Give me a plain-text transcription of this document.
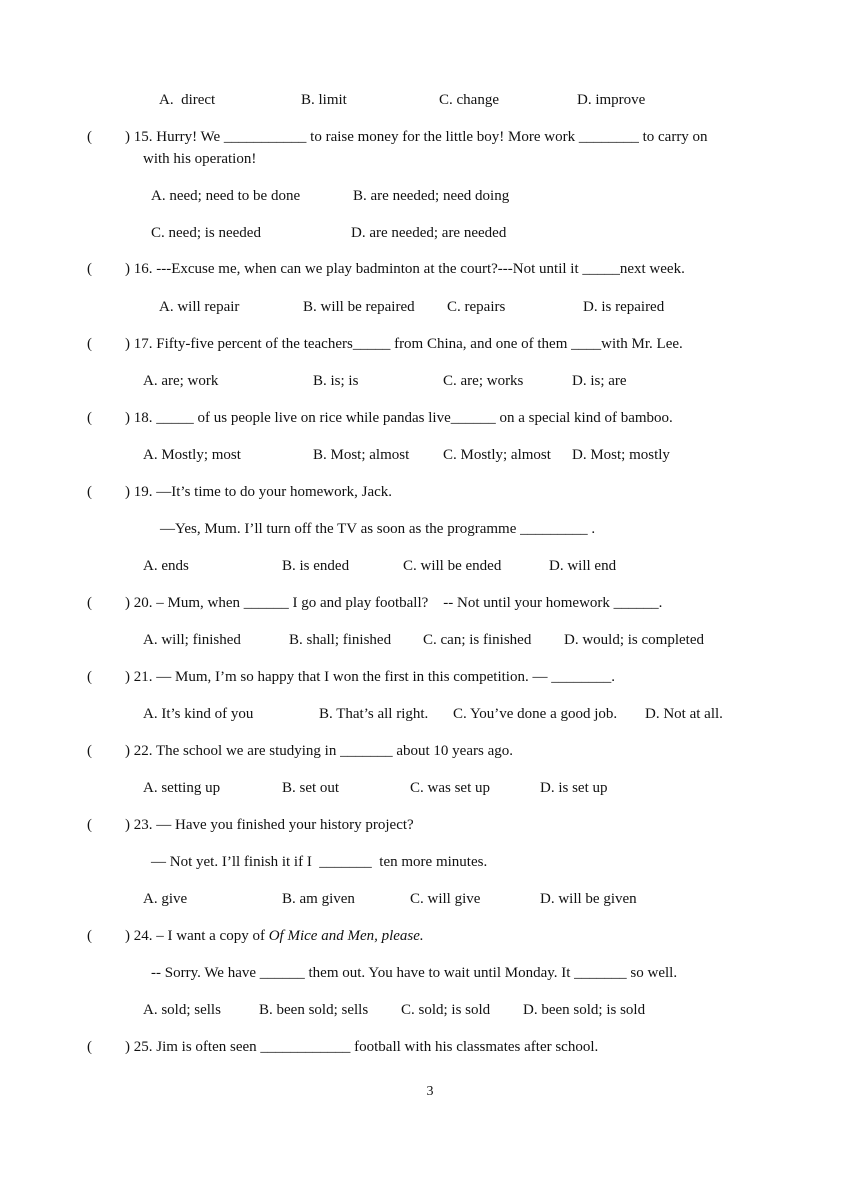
A.  direct	B. limit	C. change	D. improve
( ) 15. Hurry! We ___________ to raise money for the little boy! More work ________ to carry on
with his operation!
A. need; need to be done	B. are needed; need doing
C. need; is needed	D. are needed; are needed
( ) 16. ---Excuse me, when can we play badminton at the court?---Not until it _____next week.
A. will repair	B. will be repaired C. repairs	D. is repaired
( ) 17. Fifty-five percent of the teachers_____ from China, and one of them ____with Mr. Lee.
A. are; work	B. is; is	C. are; works	D. is; are
( ) 18. _____ of us people live on rice while pandas live______ on a special kind of bamboo.
A. Mostly; most	B. Most; almost C. Mostly; almost D. Most; mostly
( ) 19. —It’s time to do your homework, Jack.
—Yes, Mum. I’ll turn off the TV as soon as the programme _________ .
A. ends	B. is ended	C. will be ended	D. will end
( ) 20. – Mum, when ______ I go and play football?    -- Not until your homework ______.
A. will; finished	B. shall; finished C. can; is finished D. would; is completed
( ) 21. — Mum, I’m so happy that I won the first in this competition. — ________.
A. It’s kind of you	B. That’s all right. C. You’ve done a good job. D. Not at all.
( ) 22. The school we are studying in _______ about 10 years ago.
A. setting up	B. set out	C. was set up	D. is set up
( ) 23. — Have you finished your history project?
— Not yet. I’ll finish it if I  _______  ten more minutes.
A. give	B. am given	C. will give	D. will be given
( ) 24. – I want a copy of Of Mice and Men, please.
-- Sorry. We have ______ them out. You have to wait until Monday. It _______ so well.
A. sold; sells	B. been sold; sells C. sold; is sold D. been sold; is sold
( ) 25. Jim is often seen ____________ football with his classmates after school.
3
